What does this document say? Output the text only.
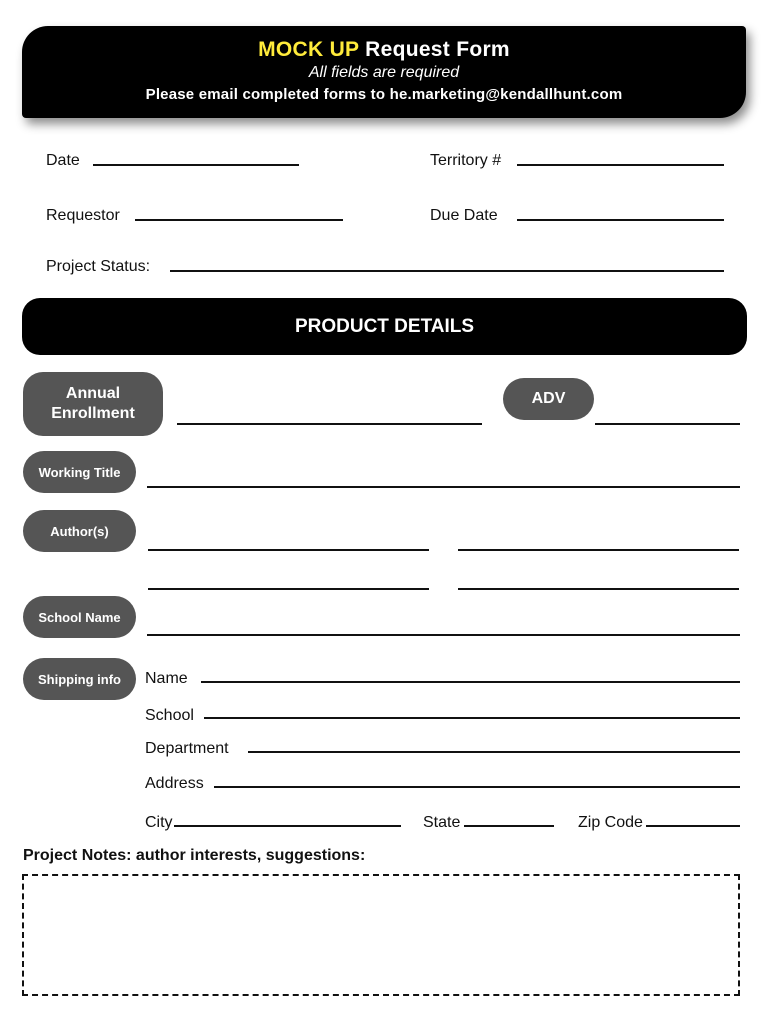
MOCK UP Request Form
All fields are required
Please email completed forms to he.marketing@kendallhunt.com
Date	Territory #
Requestor	Due Date
Project Status:
PRODUCT DETAILS
Annual
Enrollment
ADV
Working Title
Author(s)
School Name
Shipping info	Name
School
Department
Address
City	State	Zip Code
Project Notes: author interests, suggestions:
